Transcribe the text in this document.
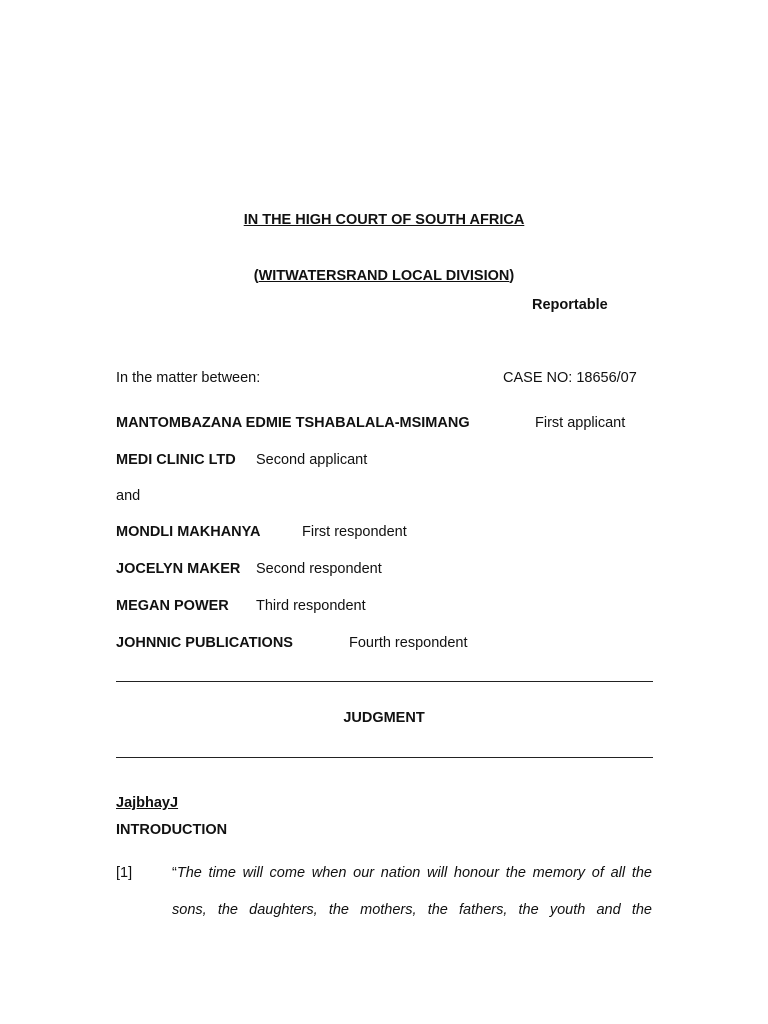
IN THE HIGH COURT OF SOUTH AFRICA
(WITWATERSRAND LOCAL DIVISION)
Reportable
In the matter between:	CASE NO: 18656/07
MANTOMBAZANA EDMIE TSHABALALA-MSIMANG	First applicant
MEDI CLINIC LTD Second applicant
and
MONDLI MAKHANYA	First respondent
JOCELYN MAKER Second respondent
MEGAN POWER Third respondent
JOHNNIC PUBLICATIONS	Fourth respondent
JUDGMENT
JajbhayJ
INTRODUCTION
[1]	“The time will come when our nation will honour the memory of all the
sons, the daughters, the mothers, the fathers, the youth and the
